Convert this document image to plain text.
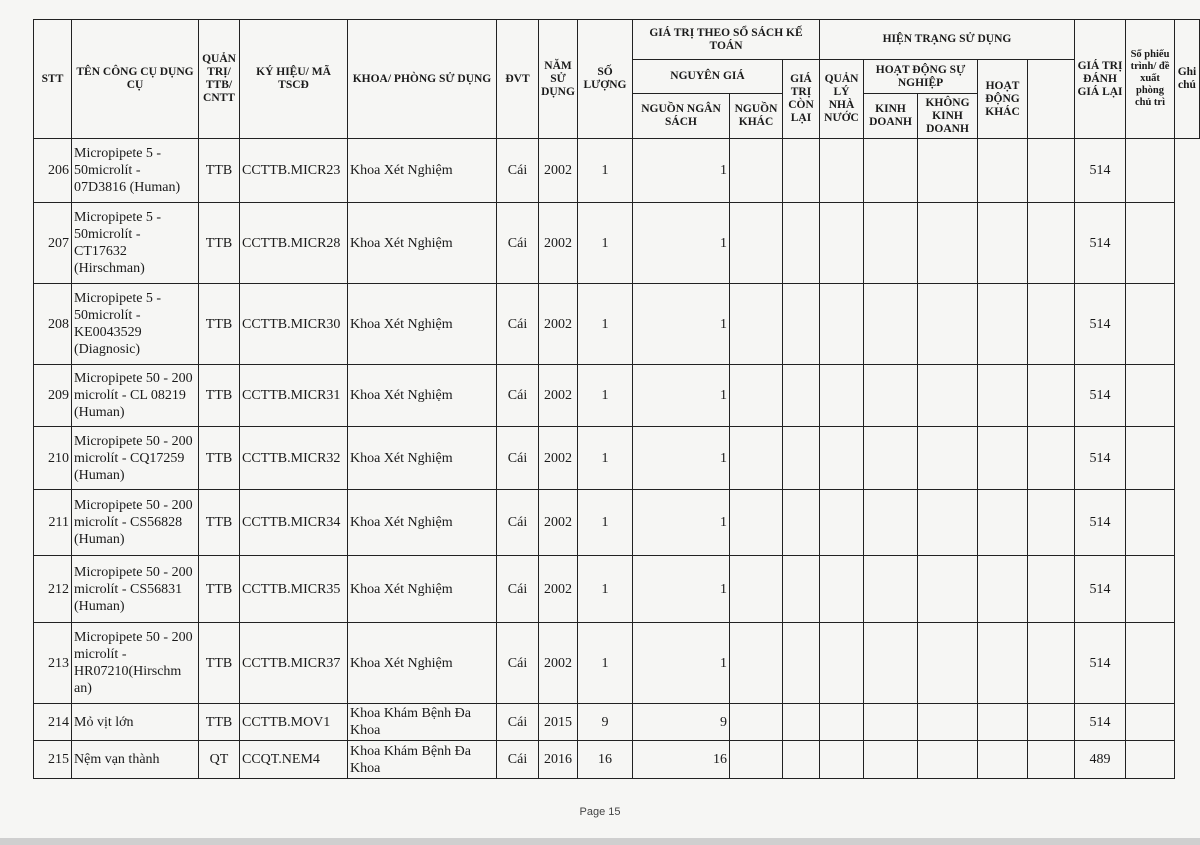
STT	TÊN CÔNG CỤ DỤNG CỤ	QUẢN TRỊ/ TTB/ CNTT	KÝ HIỆU/ MÃ TSCĐ	KHOA/ PHÒNG SỬ DỤNG	ĐVT	NĂM SỬ DỤNG	SỐ LƯỢNG	GIÁ TRỊ THEO SỔ SÁCH KẾ TOÁN			HIỆN TRẠNG SỬ DỤNG					GIÁ TRỊ ĐÁNH GIÁ LẠI	Số phiếu trình/ đề xuất phòng chủ trì	Ghi chú
								NGUYÊN GIÁ		GIÁ TRỊ CÒN LẠI	QUẢN LÝ NHÀ NƯỚC	HOẠT ĐỘNG SỰ NGHIỆP		HOẠT ĐỘNG KHÁC				
								NGUỒN NGÂN SÁCH	NGUỒN KHÁC			KINH DOANH	KHÔNG KINH DOANH					
206	Micropipete 5 - 50microlít - 07D3816 (Human)	TTB	CCTTB.MICR23	Khoa Xét Nghiệm	Cái	2002	1	1								514		
207	Micropipete 5 - 50microlít - CT17632 (Hirschman)	TTB	CCTTB.MICR28	Khoa Xét Nghiệm	Cái	2002	1	1								514		
208	Micropipete 5 - 50microlít - KE0043529 (Diagnosic)	TTB	CCTTB.MICR30	Khoa Xét Nghiệm	Cái	2002	1	1								514		
209	Micropipete 50 - 200 microlít - CL 08219 (Human)	TTB	CCTTB.MICR31	Khoa Xét Nghiệm	Cái	2002	1	1								514		
210	Micropipete 50 - 200 microlít - CQ17259 (Human)	TTB	CCTTB.MICR32	Khoa Xét Nghiệm	Cái	2002	1	1								514		
211	Micropipete 50 - 200 microlít - CS56828 (Human)	TTB	CCTTB.MICR34	Khoa Xét Nghiệm	Cái	2002	1	1								514		
212	Micropipete 50 - 200 microlít - CS56831 (Human)	TTB	CCTTB.MICR35	Khoa Xét Nghiệm	Cái	2002	1	1								514		
213	Micropipete 50 - 200 microlít - HR07210(Hirschm an)	TTB	CCTTB.MICR37	Khoa Xét Nghiệm	Cái	2002	1	1								514		
214	Mỏ vịt lớn	TTB	CCTTB.MOV1	Khoa Khám Bệnh Đa Khoa	Cái	2015	9	9								514		
215	Nệm vạn thành	QT	CCQT.NEM4	Khoa Khám Bệnh Đa Khoa	Cái	2016	16	16								489		
Page 15
